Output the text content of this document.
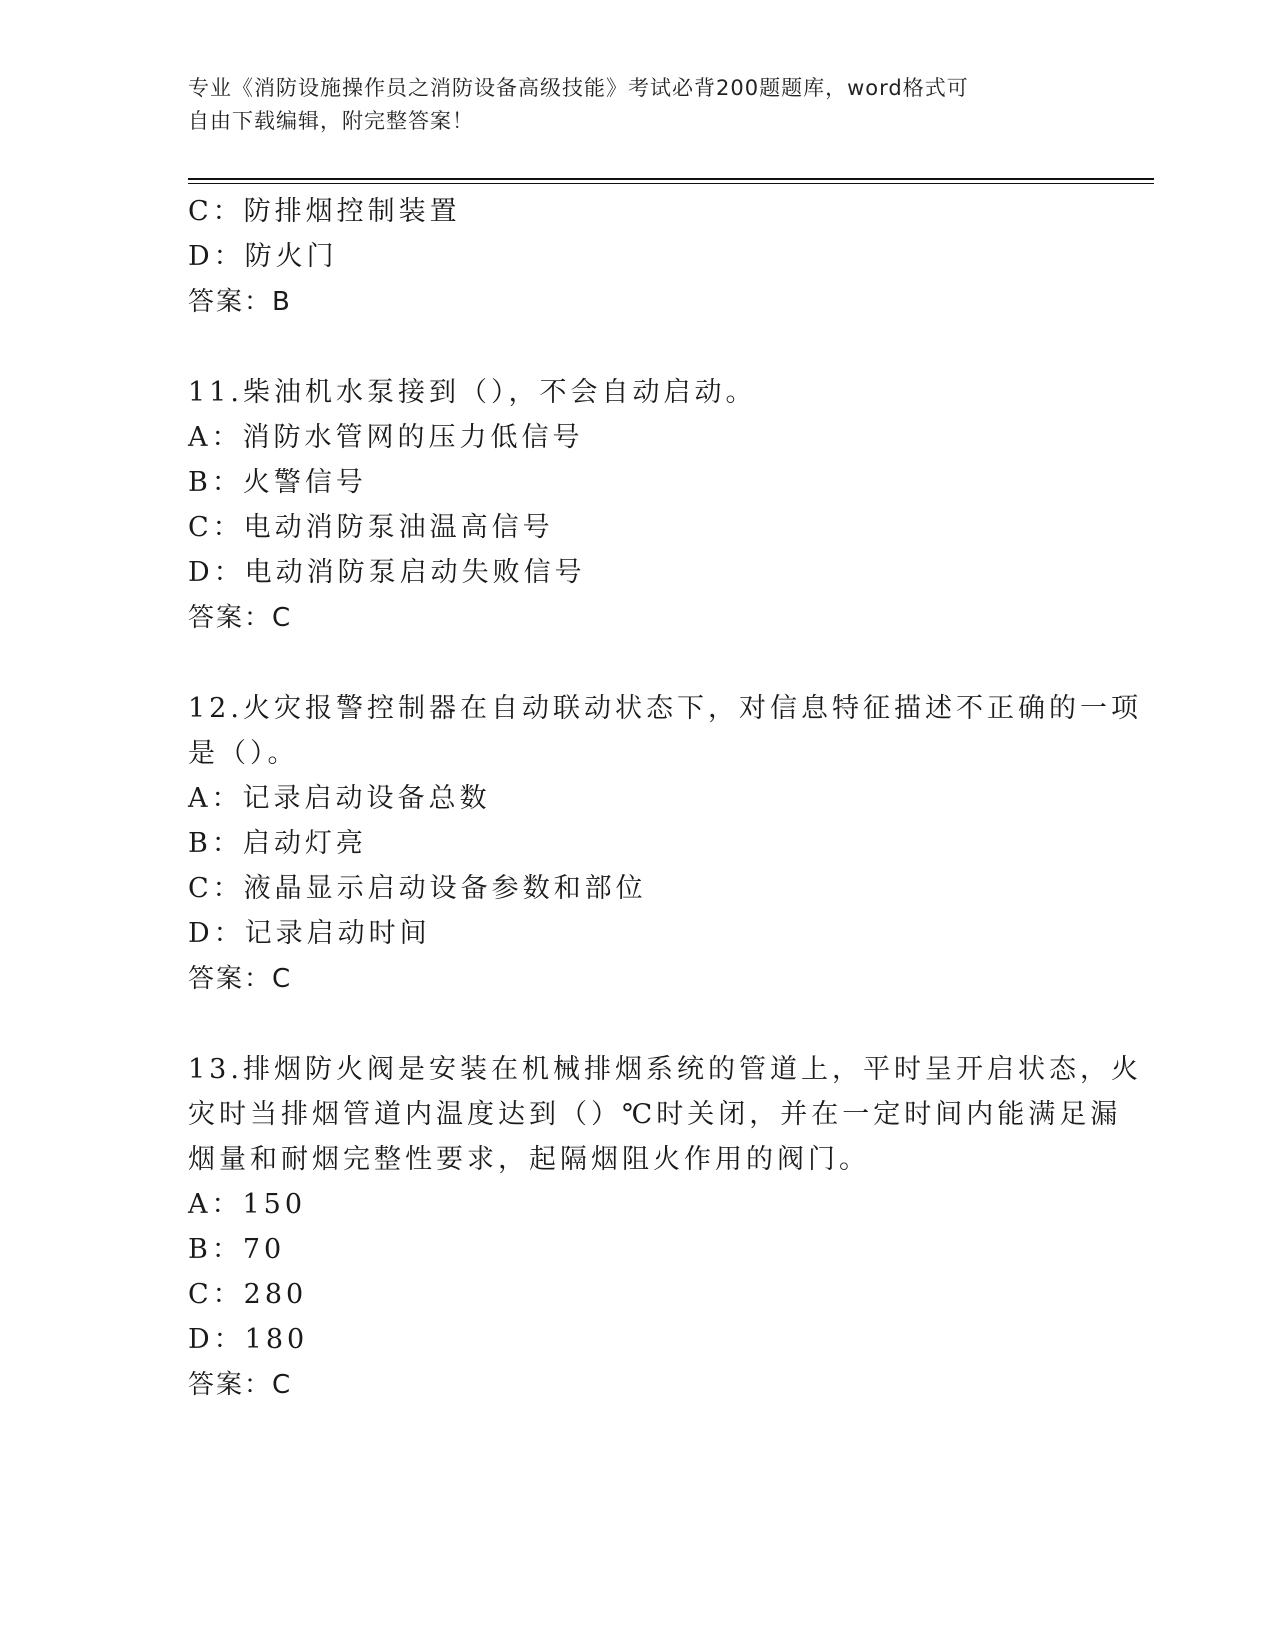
专业《消防设施操作员之消防设备高级技能》考试必背200题题库，word格式可
自由下载编辑，附完整答案！
C：防排烟控制装置
D：防火门
答案：B
11.柴油机水泵接到（），不会自动启动。
A：消防水管网的压力低信号
B：火警信号
C：电动消防泵油温高信号
D：电动消防泵启动失败信号
答案：C
12.火灾报警控制器在自动联动状态下，对信息特征描述不正确的一项
是（）。
A：记录启动设备总数
B：启动灯亮
C：液晶显示启动设备参数和部位
D：记录启动时间
答案：C
13.排烟防火阀是安装在机械排烟系统的管道上，平时呈开启状态，火
灾时当排烟管道内温度达到（）℃时关闭，并在一定时间内能满足漏
烟量和耐烟完整性要求，起隔烟阻火作用的阀门。
A：150
B：70
C：280
D：180
答案：C
